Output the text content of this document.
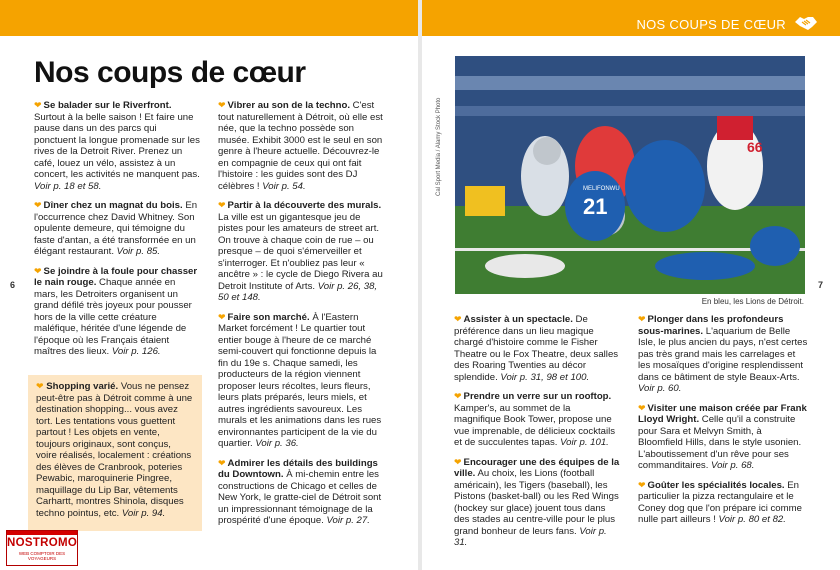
NOS COUPS DE CŒUR
Nos coups de cœur
6	7

❤ Se balader sur le Riverfront. Surtout à la belle saison ! Et faire une pause dans un des parcs qui ponctuent la longue promenade sur les rives de la Detroit River. Prenez un café, louez un vélo, assistez à un concert, les activités ne manquent pas. Voir p. 18 et 58.

❤ Dîner chez un magnat du bois. En l'occurrence chez David Whitney. Son opulente demeure, qui témoigne du faste d'antan, a été transformée en un élégant restaurant. Voir p. 85.

❤ Se joindre à la foule pour chasser le nain rouge. Chaque année en mars, les Detroiters organisent un grand défilé très joyeux pour pousser hors de la ville cette créature maléfique, héritée d'une légende de l'époque où les Français étaient maîtres des lieux. Voir p. 126.

❤ Shopping varié. Vous ne pensez peut-être pas à Détroit comme à une destination shopping... vous avez tort. Les tentations vous guettent partout ! Les objets en vente, toujours originaux, sont conçus, voire réalisés, localement : créations des élèves de Cranbrook, poteries Pewabic, maroquinerie Pingree, maquillage du Lip Bar, vêtements Carhartt, montres Shinola, disques techno pointus, etc. Voir p. 94.

❤ Vibrer au son de la techno. C'est tout naturellement à Détroit, où elle est née, que la techno possède son musée. Exhibit 3000 est le seul en son genre à l'heure actuelle. Découvrez-le en compagnie de ceux qui ont fait l'histoire : les guides sont des DJ célèbres ! Voir p. 54.

❤ Partir à la découverte des murals. La ville est un gigantesque jeu de pistes pour les amateurs de street art. On trouve à chaque coin de rue – ou presque – de quoi s'émerveiller et s'interroger. Et n'oubliez pas leur « ancêtre » : le cycle de Diego Rivera au Detroit Institute of Arts. Voir p. 26, 38, 50 et 148.

❤ Faire son marché. À l'Eastern Market forcément ! Le quartier tout entier bouge à l'heure de ce marché semi-couvert qui fonctionne depuis la fin du 19e s. Chaque samedi, les producteurs de la région viennent proposer leurs récoltes, leurs fleurs, leurs plats préparés, leurs miels, et autres ingrédients savoureux. Les murals et les animations dans les rues environnantes participent de la vie du quartier. Voir p. 36.

❤ Admirer les détails des buildings du Downtown. À mi-chemin entre les constructions de Chicago et celles de New York, le gratte-ciel de Détroit sont un impressionnant témoignage de la prospérité d'une époque. Voir p. 27.

21
MELIFONWU
66
Cal Sport Media / Alamy Stock Photo
En bleu, les Lions de Détroit.

❤ Assister à un spectacle. De préférence dans un lieu magique chargé d'histoire comme le Fisher Theatre ou le Fox Theatre, deux salles des Roaring Twenties au décor splendide. Voir p. 31, 98 et 100.

❤ Prendre un verre sur un rooftop. Kamper's, au sommet de la magnifique Book Tower, propose une vue imprenable, de délicieux cocktails et de succulentes tapas. Voir p. 101.

❤ Encourager une des équipes de la ville. Au choix, les Lions (football américain), les Tigers (baseball), les Pistons (basket-ball) ou les Red Wings (hockey sur glace) jouent tous dans des stades au centre-ville pour le plus grand bonheur de leurs fans. Voir p. 31.

❤ Plonger dans les profondeurs sous-marines. L'aquarium de Belle Isle, le plus ancien du pays, n'est certes pas très grand mais les carrelages et les mosaïques d'origine resplendissent dans ce bâtiment de style Beaux-Arts. Voir p. 60.

❤ Visiter une maison créée par Frank Lloyd Wright. Celle qu'il a construite pour Sara et Melvyn Smith, à Bloomfield Hills, dans le style usonien. L'aboutissement d'un rêve pour ses commanditaires. Voir p. 68.

❤ Goûter les spécialités locales. En particulier la pizza rectangulaire et le Coney dog que l'on prépare ici comme nulle part ailleurs ! Voir p. 80 et 82.

NOSTROMO
WEB COMPTOIR DES VOYAGEURS
